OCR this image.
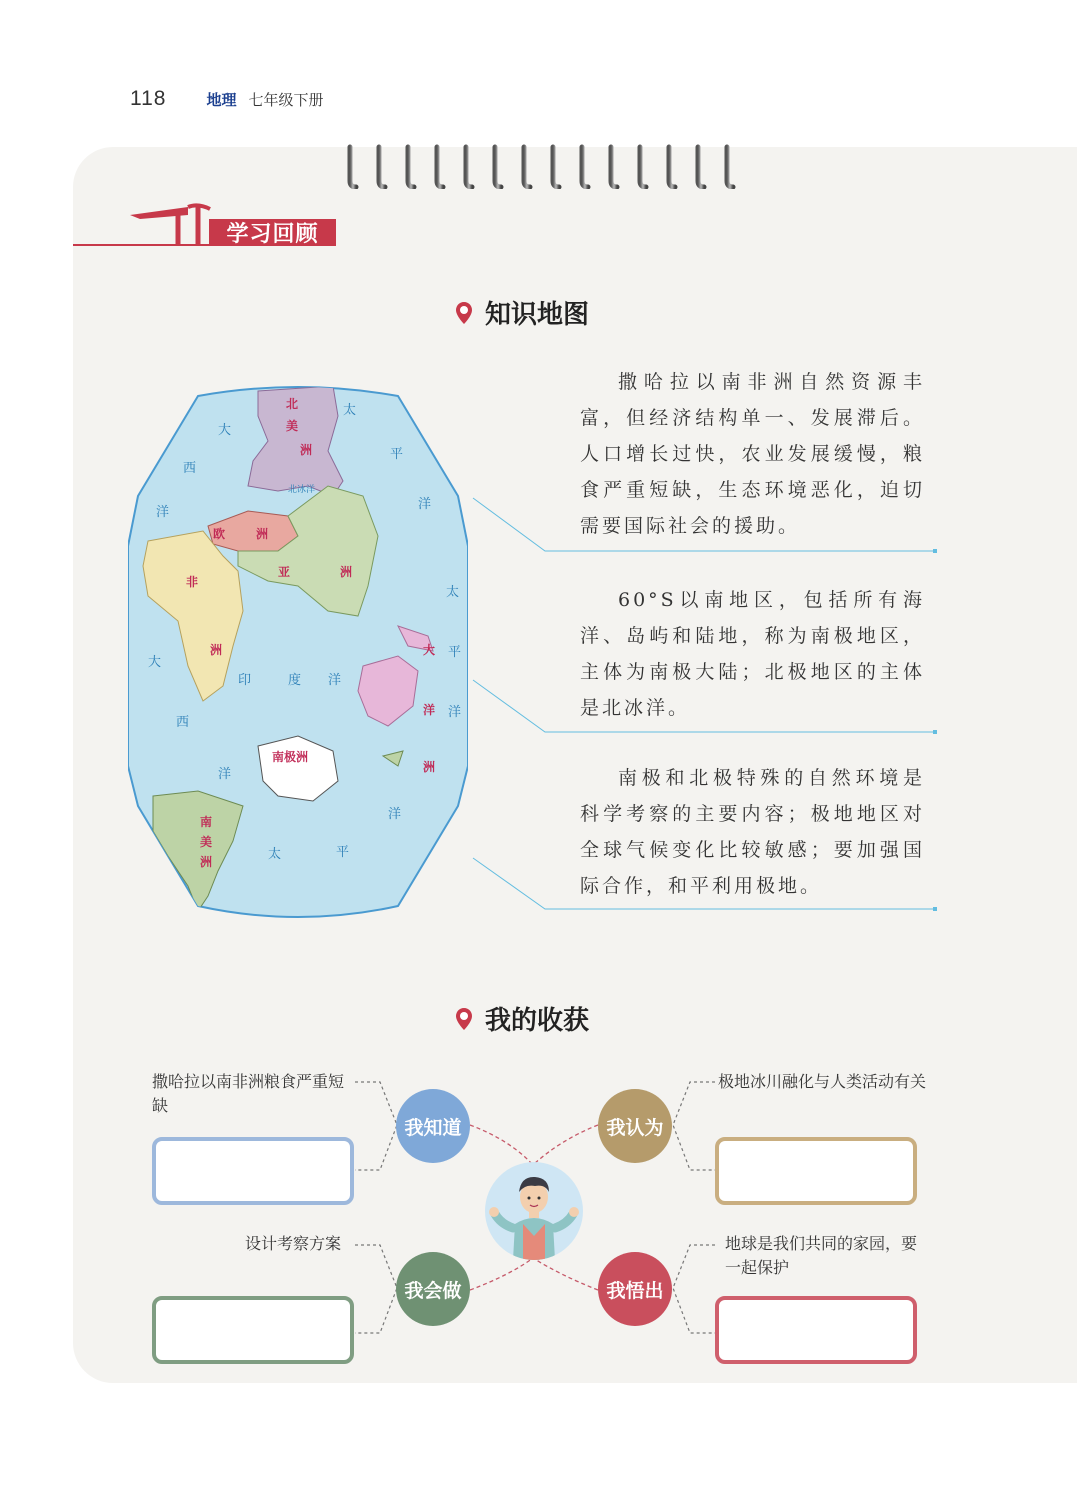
118	地理 七年级下册
学习回顾
知识地图
北
美
洲
欧	洲
亚	洲
非
洲	大
洋
洲
南极洲
南
美
洲
北冰洋
印	度 洋
大
西
洋
大
西
洋
太
平
洋
太
平
洋
太	平
洋

撒哈拉以南非洲自然资源丰富，但经济结构单一、发展滞后。人口增长过快，农业发展缓慢，粮食严重短缺，生态环境恶化，迫切需要国际社会的援助。

60°S以南地区，包括所有海洋、岛屿和陆地，称为南极地区，主体为南极大陆；北极地区的主体是北冰洋。

南极和北极特殊的自然环境是科学考察的主要内容；极地地区对全球气候变化比较敏感；要加强国际合作，和平利用极地。

我的收获
撒哈拉以南非洲粮食严重短缺
极地冰川融化与人类活动有关
设计考察方案	地球是我们共同的家园，要一起保护
我知道	我认为
我会做	我悟出
